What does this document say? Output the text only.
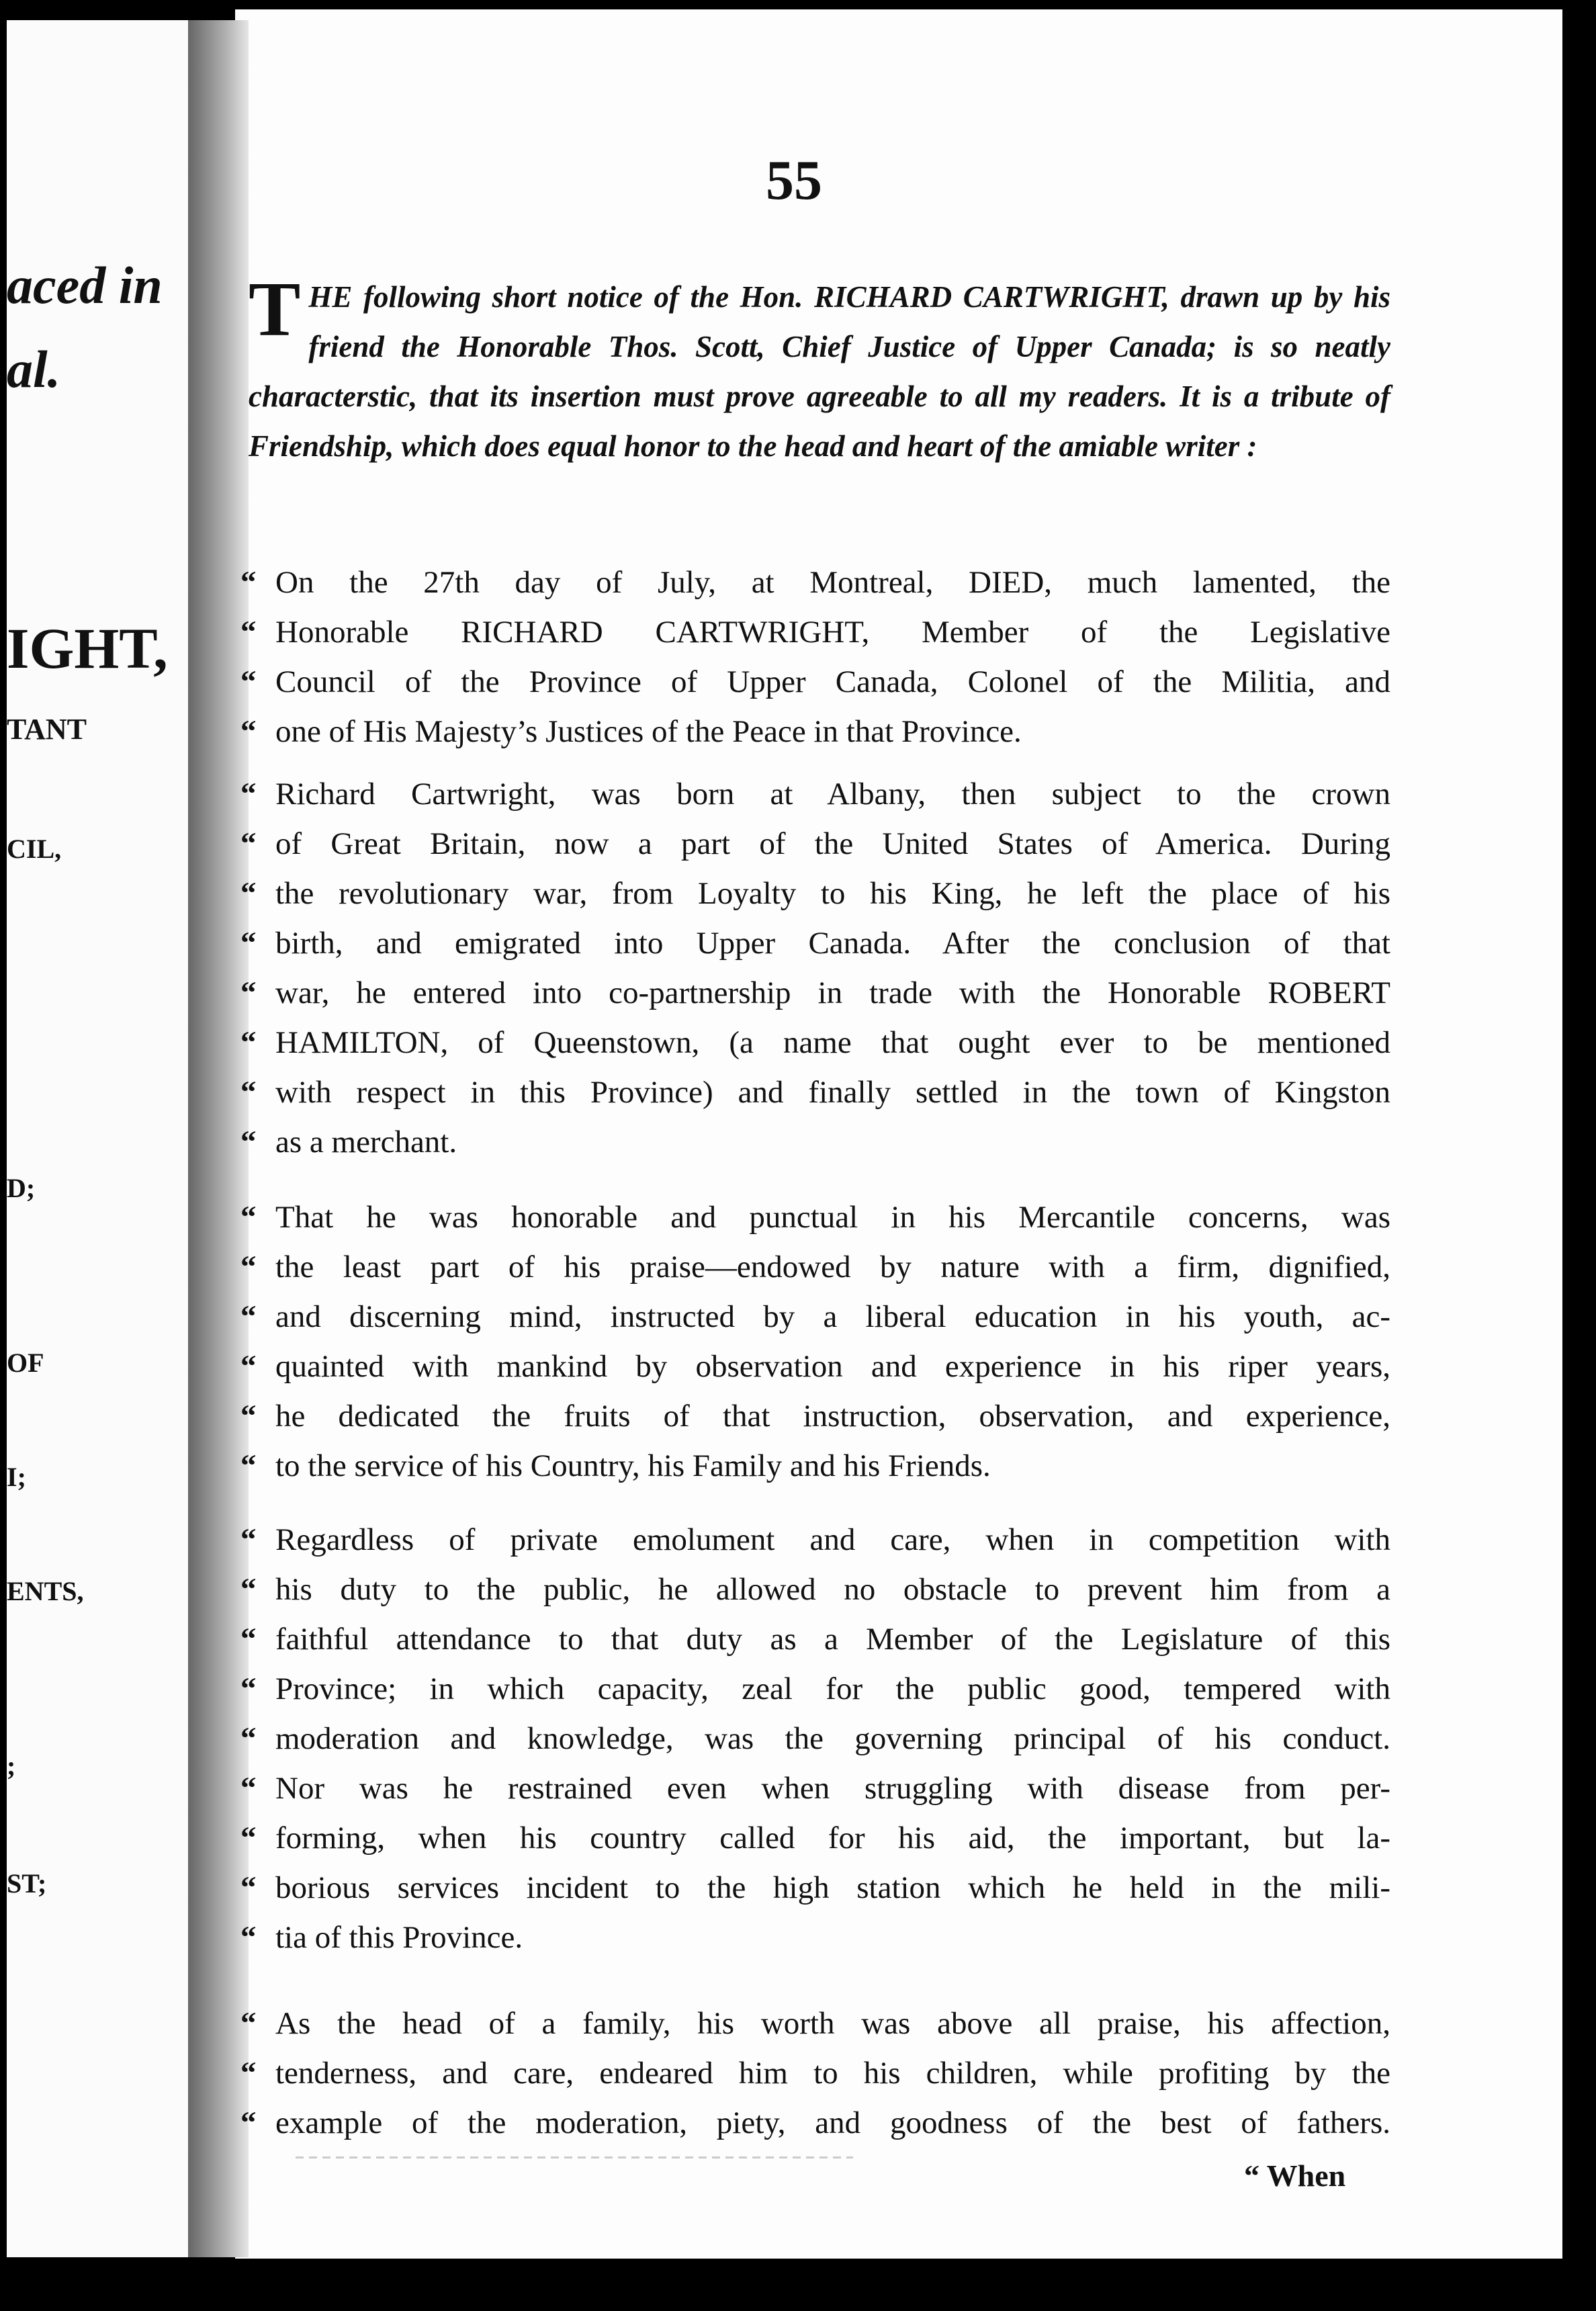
aced in
al.
IGHT,
TANT
CIL,
D;
OF
I;
ENTS,
;
ST;
55
T HE following short notice of the Hon. RICHARD CARTWRIGHT, drawn up by his friend the Honorable Thos. Scott, Chief Justice of Upper Canada; is so neatly characterstic, that its insertion must prove agreeable to all my readers. It is a tribute of Friendship, which does equal honor to the head and heart of the amiable writer :
“ On the 27th day of July, at Montreal, DIED, much lamented, the
“ Honorable RICHARD CARTWRIGHT, Member of the Legislative
“ Council of the Province of Upper Canada, Colonel of the Militia, and
“ one of His Majesty’s Justices of the Peace in that Province.
“ Richard Cartwright, was born at Albany, then subject to the crown
“ of Great Britain, now a part of the United States of America. During
“ the revolutionary war, from Loyalty to his King, he left the place of his
“ birth, and emigrated into Upper Canada. After the conclusion of that
“ war, he entered into co-partnership in trade with the Honorable ROBERT
“ HAMILTON, of Queenstown, (a name that ought ever to be mentioned
“ with respect in this Province) and finally settled in the town of Kingston
“ as a merchant.
“ That he was honorable and punctual in his Mercantile concerns, was
“ the least part of his praise—endowed by nature with a firm, dignified,
“ and discerning mind, instructed by a liberal education in his youth, ac-
“ quainted with mankind by observation and experience in his riper years,
“ he dedicated the fruits of that instruction, observation, and experience,
“ to the service of his Country, his Family and his Friends.
“ Regardless of private emolument and care, when in competition with
“ his duty to the public, he allowed no obstacle to prevent him from a
“ faithful attendance to that duty as a Member of the Legislature of this
“ Province; in which capacity, zeal for the public good, tempered with
“ moderation and knowledge, was the governing principal of his conduct.
“ Nor was he restrained even when struggling with disease from per-
“ forming, when his country called for his aid, the important, but la-
“ borious services incident to the high station which he held in the mili-
“ tia of this Province.
“ As the head of a family, his worth was above all praise, his affection,
“ tenderness, and care, endeared him to his children, while profiting by the
“ example of the moderation, piety, and goodness of the best of fathers.
“ When
